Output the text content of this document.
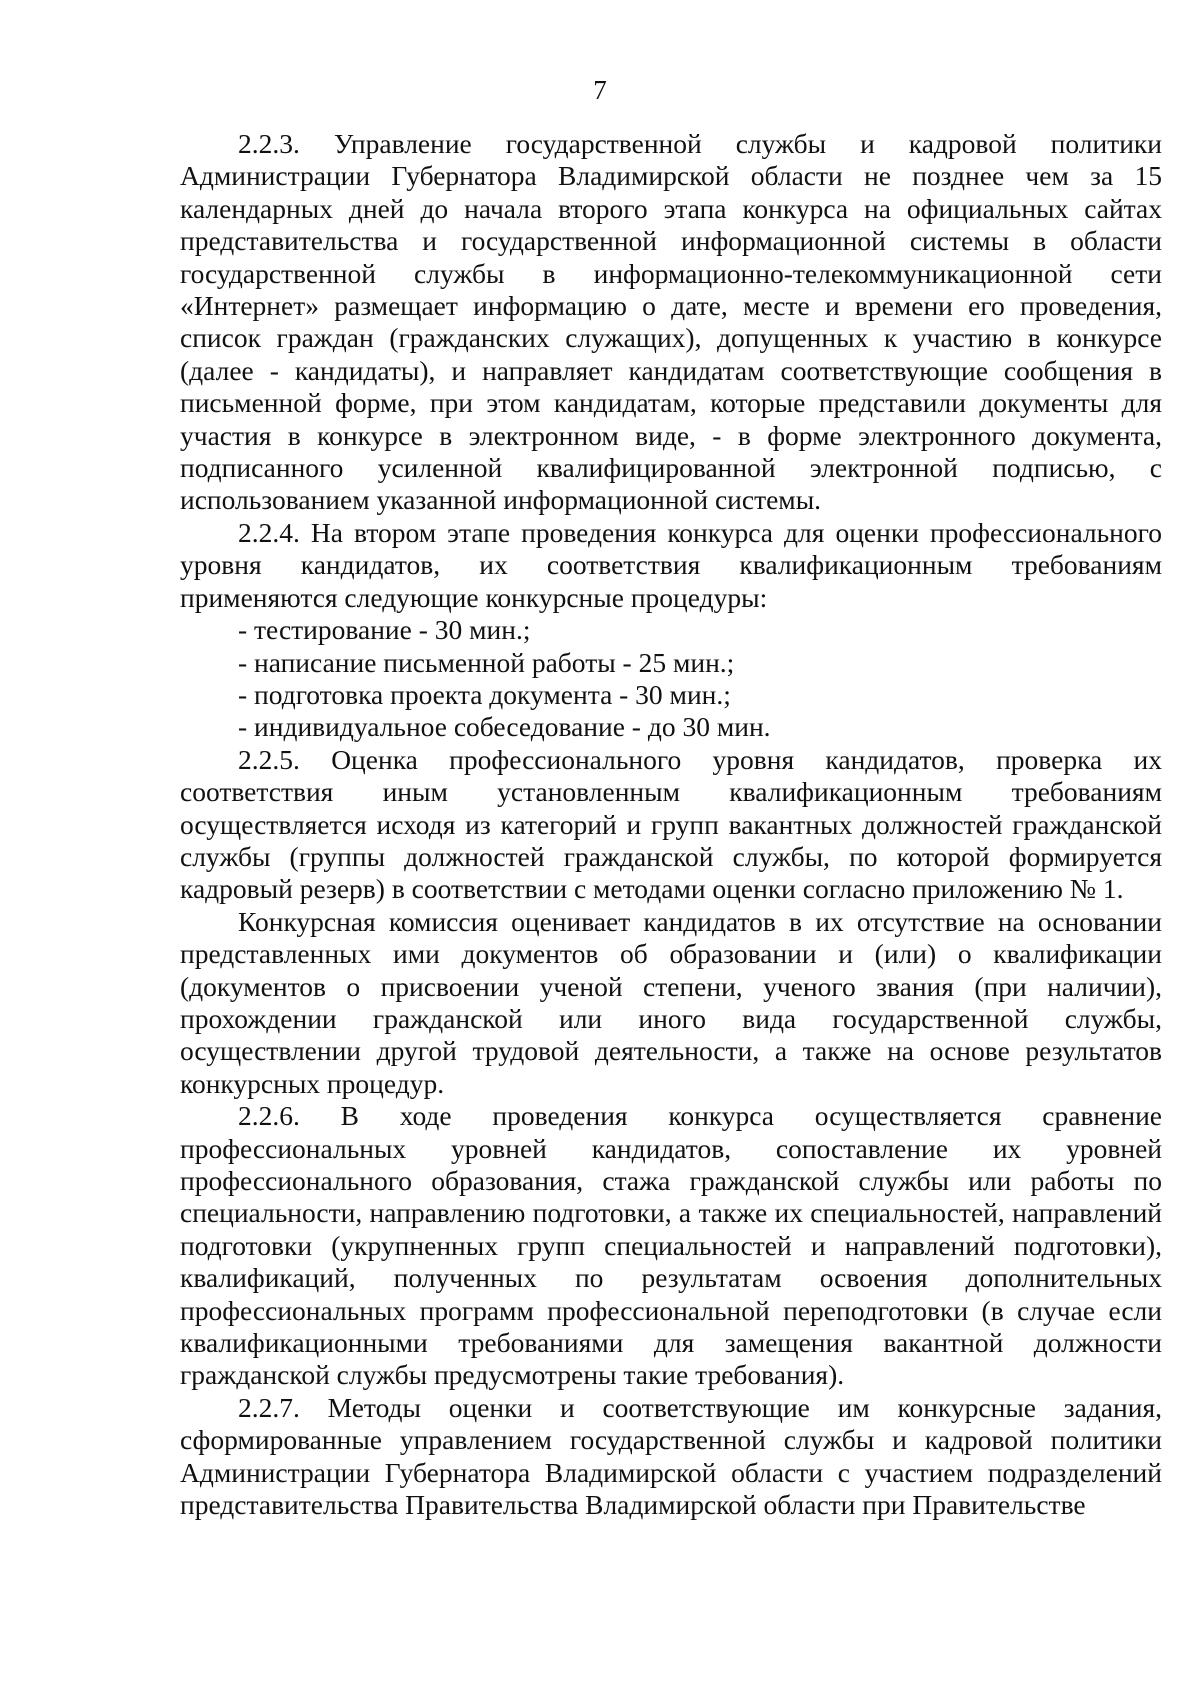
7

2.2.3. Управление государственной службы и кадровой политики Администрации Губернатора Владимирской области не позднее чем за 15 календарных дней до начала второго этапа конкурса на официальных сайтах представительства и государственной информационной системы в области государственной службы в информационно-телекоммуникационной сети «Интернет» размещает информацию о дате, месте и времени его проведения, список граждан (гражданских служащих), допущенных к участию в конкурсе (далее - кандидаты), и направляет кандидатам соответствующие сообщения в письменной форме, при этом кандидатам, которые представили документы для участия в конкурсе в электронном виде, - в форме электронного документа, подписанного усиленной квалифицированной электронной подписью, с использованием указанной информационной системы.

2.2.4. На втором этапе проведения конкурса для оценки профессионального уровня кандидатов, их соответствия квалификационным требованиям применяются следующие конкурсные процедуры:

- тестирование - 30 мин.;

- написание письменной работы - 25 мин.;

- подготовка проекта документа - 30 мин.;

- индивидуальное собеседование - до 30 мин.

2.2.5. Оценка профессионального уровня кандидатов, проверка их соответствия иным установленным квалификационным требованиям осуществляется исходя из категорий и групп вакантных должностей гражданской службы (группы должностей гражданской службы, по которой формируется кадровый резерв) в соответствии с методами оценки согласно приложению № 1.

Конкурсная комиссия оценивает кандидатов в их отсутствие на основании представленных ими документов об образовании и (или) о квалификации (документов о присвоении ученой степени, ученого звания (при наличии), прохождении гражданской или иного вида государственной службы, осуществлении другой трудовой деятельности, а также на основе результатов конкурсных процедур.

2.2.6. В ходе проведения конкурса осуществляется сравнение профессиональных уровней кандидатов, сопоставление их уровней профессионального образования, стажа гражданской службы или работы по специальности, направлению подготовки, а также их специальностей, направлений подготовки (укрупненных групп специальностей и направлений подготовки), квалификаций, полученных по результатам освоения дополнительных профессиональных программ профессиональной переподготовки (в случае если квалификационными требованиями для замещения вакантной должности гражданской службы предусмотрены такие требования).

2.2.7. Методы оценки и соответствующие им конкурсные задания, сформированные управлением государственной службы и кадровой политики Администрации Губернатора Владимирской области с участием подразделений представительства Правительства Владимирской области при Правительстве
